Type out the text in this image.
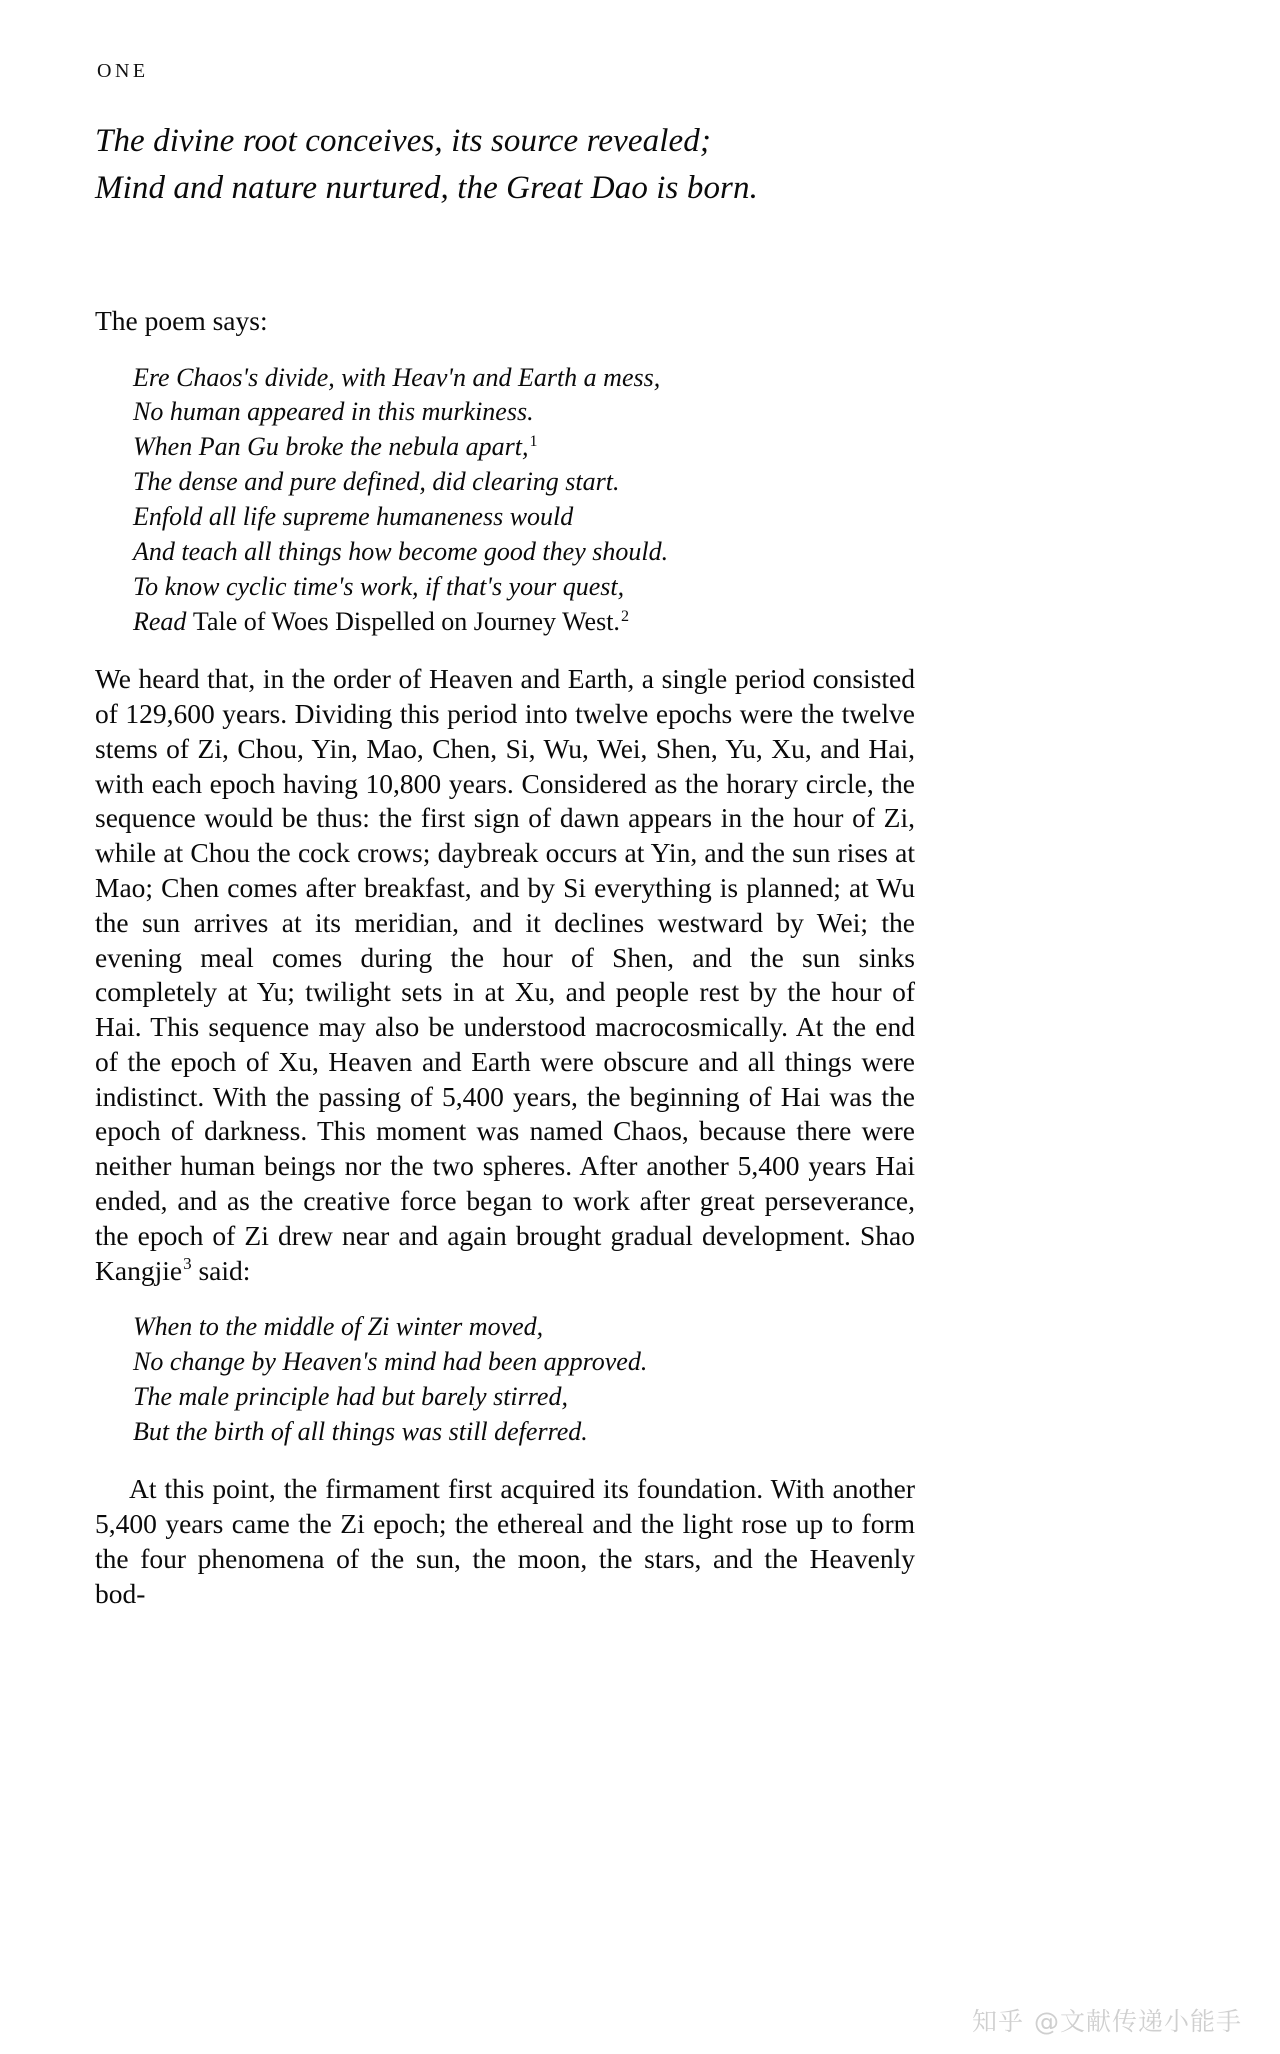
ONE
The divine root conceives, its source revealed;
Mind and nature nurtured, the Great Dao is born.

The poem says:

Ere Chaos's divide, with Heav'n and Earth a mess,
No human appeared in this murkiness.
When Pan Gu broke the nebula apart,$^1$
The dense and pure defined, did clearing start.
Enfold all life supreme humaneness would
And teach all things how become good they should.
To know cyclic time's work, if that's your quest,
Read Tale of Woes Dispelled on Journey West.$^2$

We heard that, in the order of Heaven and Earth, a single period consisted of 129,600 years. Dividing this period into twelve epochs were the twelve stems of Zi, Chou, Yin, Mao, Chen, Si, Wu, Wei, Shen, Yu, Xu, and Hai, with each epoch having 10,800 years. Considered as the horary circle, the sequence would be thus: the first sign of dawn appears in the hour of Zi, while at Chou the cock crows; daybreak occurs at Yin, and the sun rises at Mao; Chen comes after breakfast, and by Si everything is planned; at Wu the sun arrives at its meridian, and it declines westward by Wei; the evening meal comes during the hour of Shen, and the sun sinks completely at Yu; twilight sets in at Xu, and people rest by the hour of Hai. This sequence may also be understood macrocosmically. At the end of the epoch of Xu, Heaven and Earth were obscure and all things were indistinct. With the passing of 5,400 years, the beginning of Hai was the epoch of darkness. This moment was named Chaos, because there were neither human beings nor the two spheres. After another 5,400 years Hai ended, and as the creative force began to work after great perseverance, the epoch of Zi drew near and again brought gradual development. Shao Kangjie$^3$ said:

When to the middle of Zi winter moved,
No change by Heaven's mind had been approved.
The male principle had but barely stirred,
But the birth of all things was still deferred.

At this point, the firmament first acquired its foundation. With another 5,400 years came the Zi epoch; the ethereal and the light rose up to form the four phenomena of the sun, the moon, the stars, and the Heavenly bod-

知乎 @文献传递小能手
